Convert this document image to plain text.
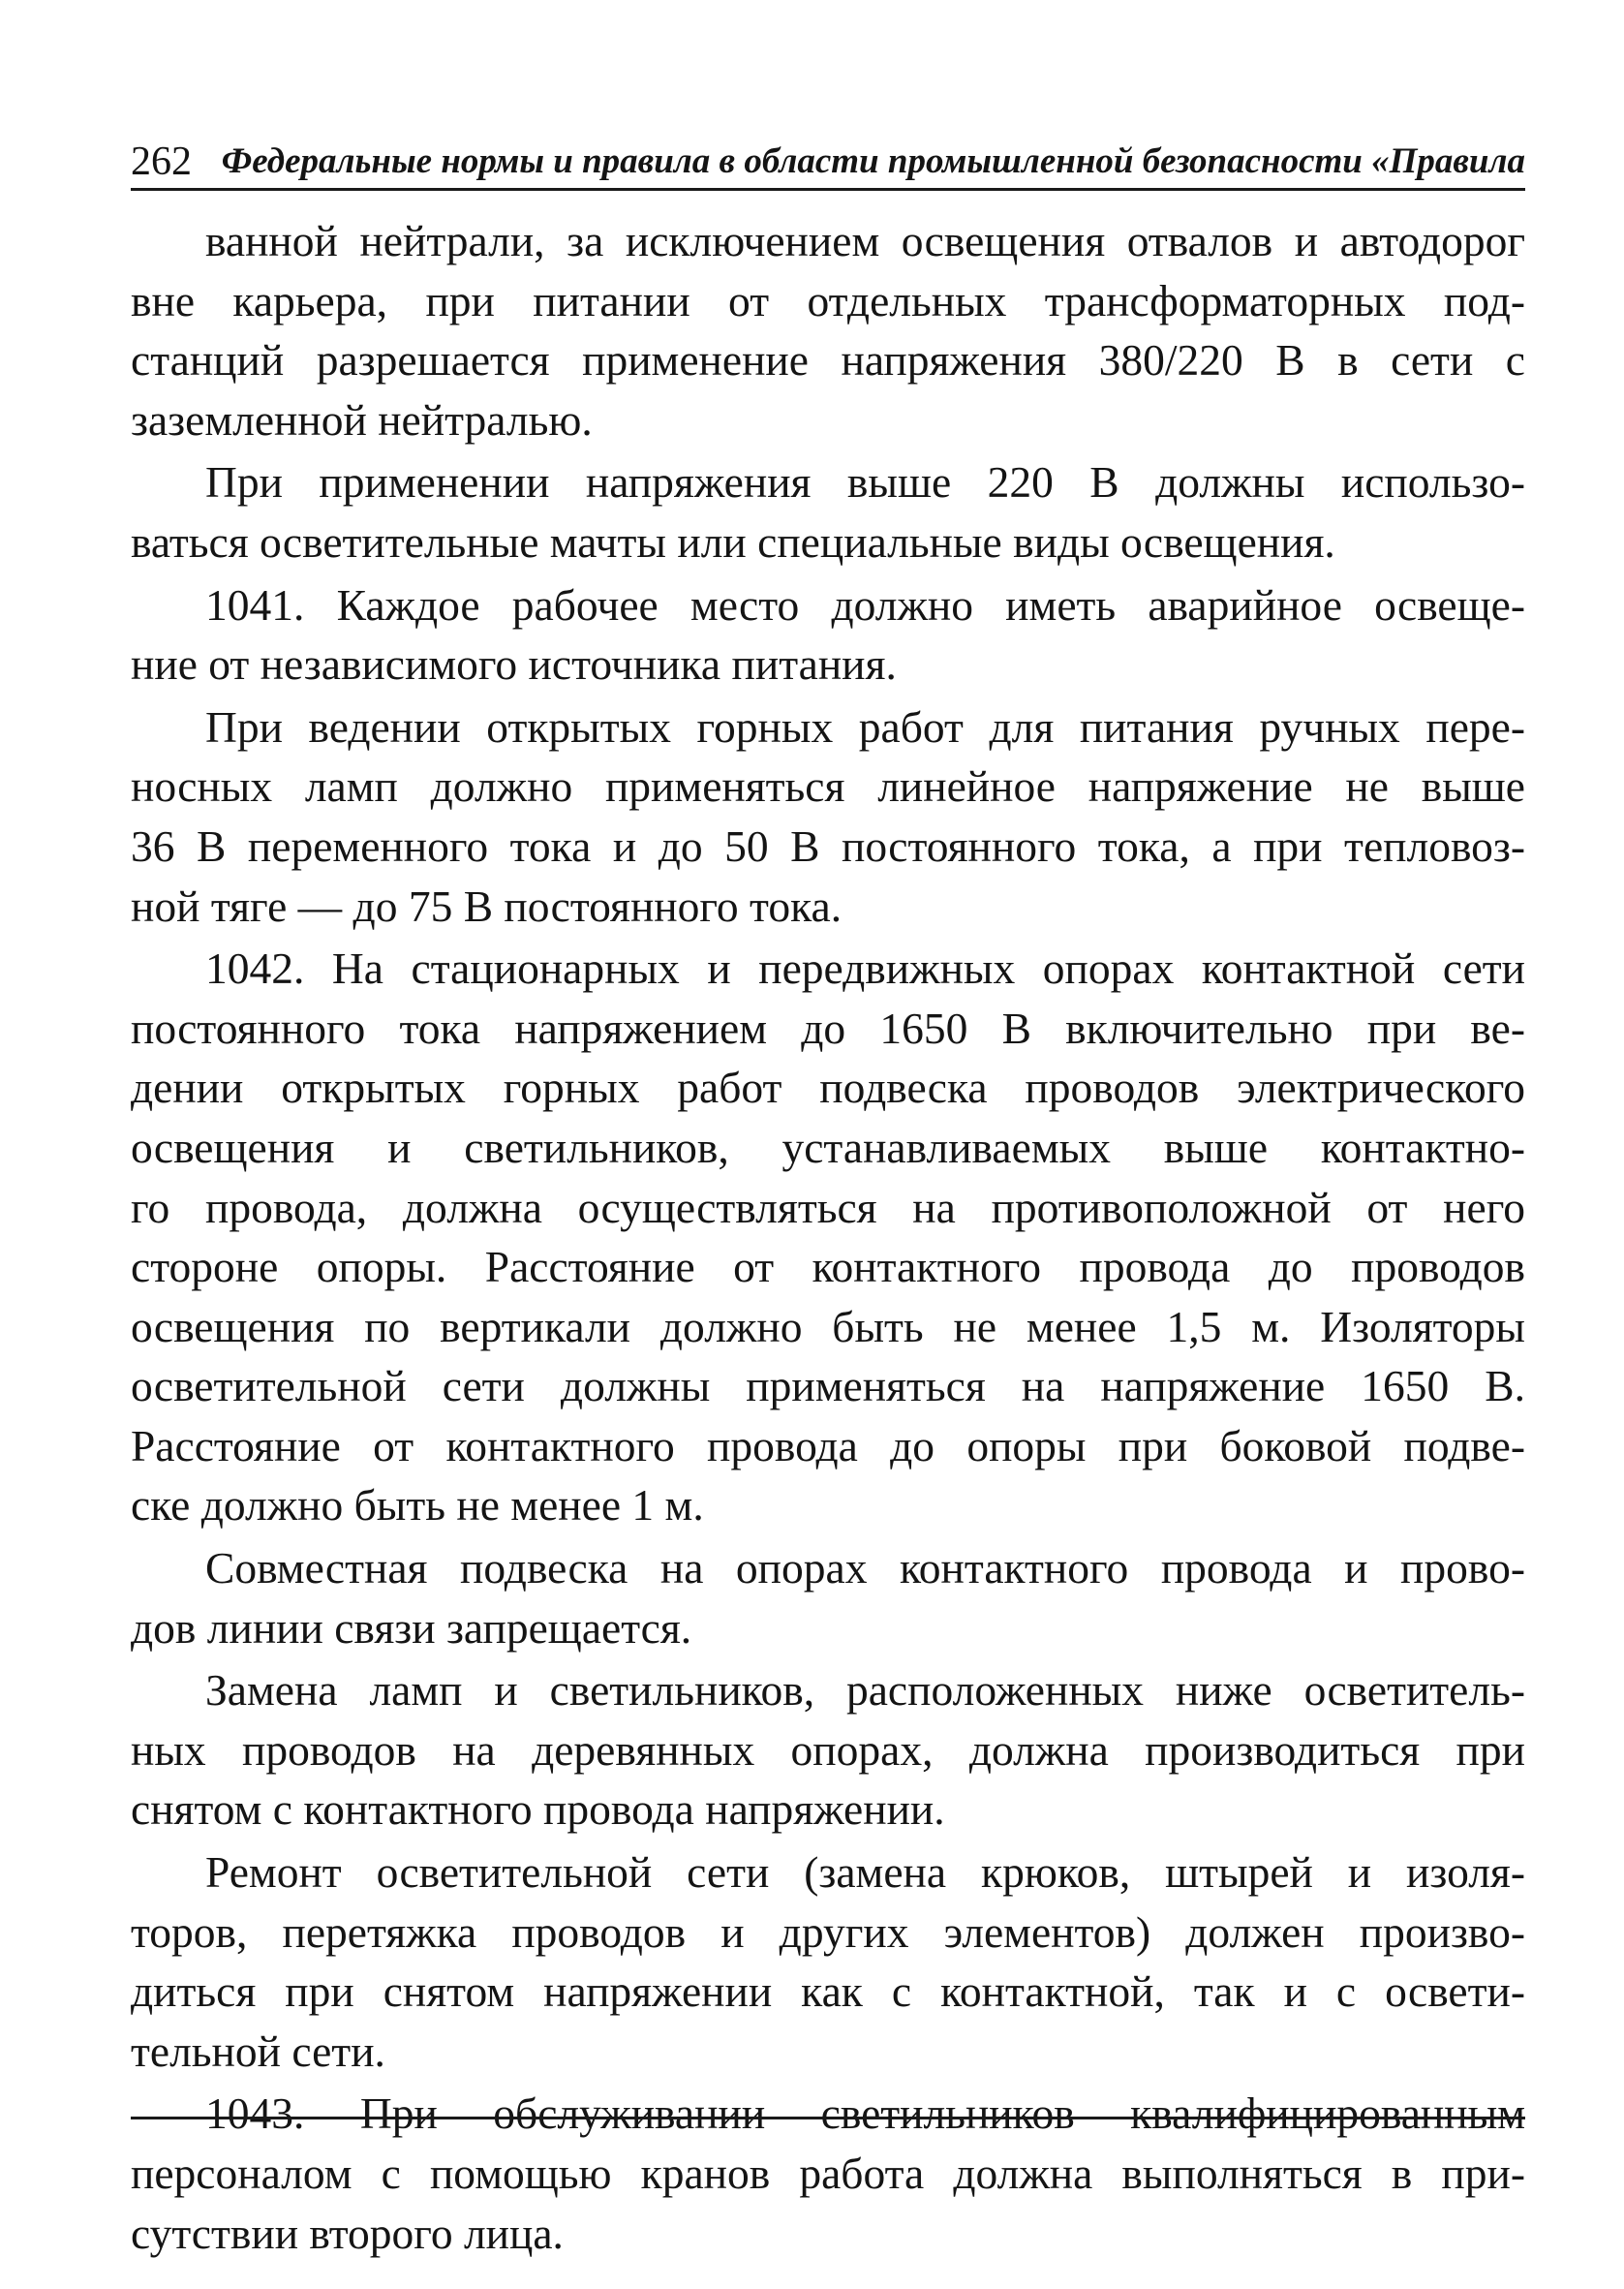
262 Федеральные нормы и правила в области промышленной безопасности «Правила

ванной нейтрали, за исключением освещения отвалов и автодорог
вне карьера, при питании от отдельных трансформаторных под-
станций разрешается применение напряжения 380/220 В в сети с
заземленной нейтралью.

При применении напряжения выше 220 В должны использо-
ваться осветительные мачты или специальные виды освещения.

1041. Каждое рабочее место должно иметь аварийное освеще-
ние от независимого источника питания.

При ведении открытых горных работ для питания ручных пере-
носных ламп должно применяться линейное напряжение не выше
36 В переменного тока и до 50 В постоянного тока, а при тепловоз-
ной тяге — до 75 В постоянного тока.

1042. На стационарных и передвижных опорах контактной сети
постоянного тока напряжением до 1650 В включительно при ве-
дении открытых горных работ подвеска проводов электрического
освещения и светильников, устанавливаемых выше контактно-
го провода, должна осуществляться на противоположной от него
стороне опоры. Расстояние от контактного провода до проводов
освещения по вертикали должно быть не менее 1,5 м. Изоляторы
осветительной сети должны применяться на напряжение 1650 В.
Расстояние от контактного провода до опоры при боковой подве-
ске должно быть не менее 1 м.

Совместная подвеска на опорах контактного провода и прово-
дов линии связи запрещается.

Замена ламп и светильников, расположенных ниже осветитель-
ных проводов на деревянных опорах, должна производиться при
снятом с контактного провода напряжении.

Ремонт осветительной сети (замена крюков, штырей и изоля-
торов, перетяжка проводов и других элементов) должен произво-
диться при снятом напряжении как с контактной, так и с освети-
тельной сети.

1043. При обслуживании светильников квалифицированным
персоналом с помощью кранов работа должна выполняться в при-
сутствии второго лица.
